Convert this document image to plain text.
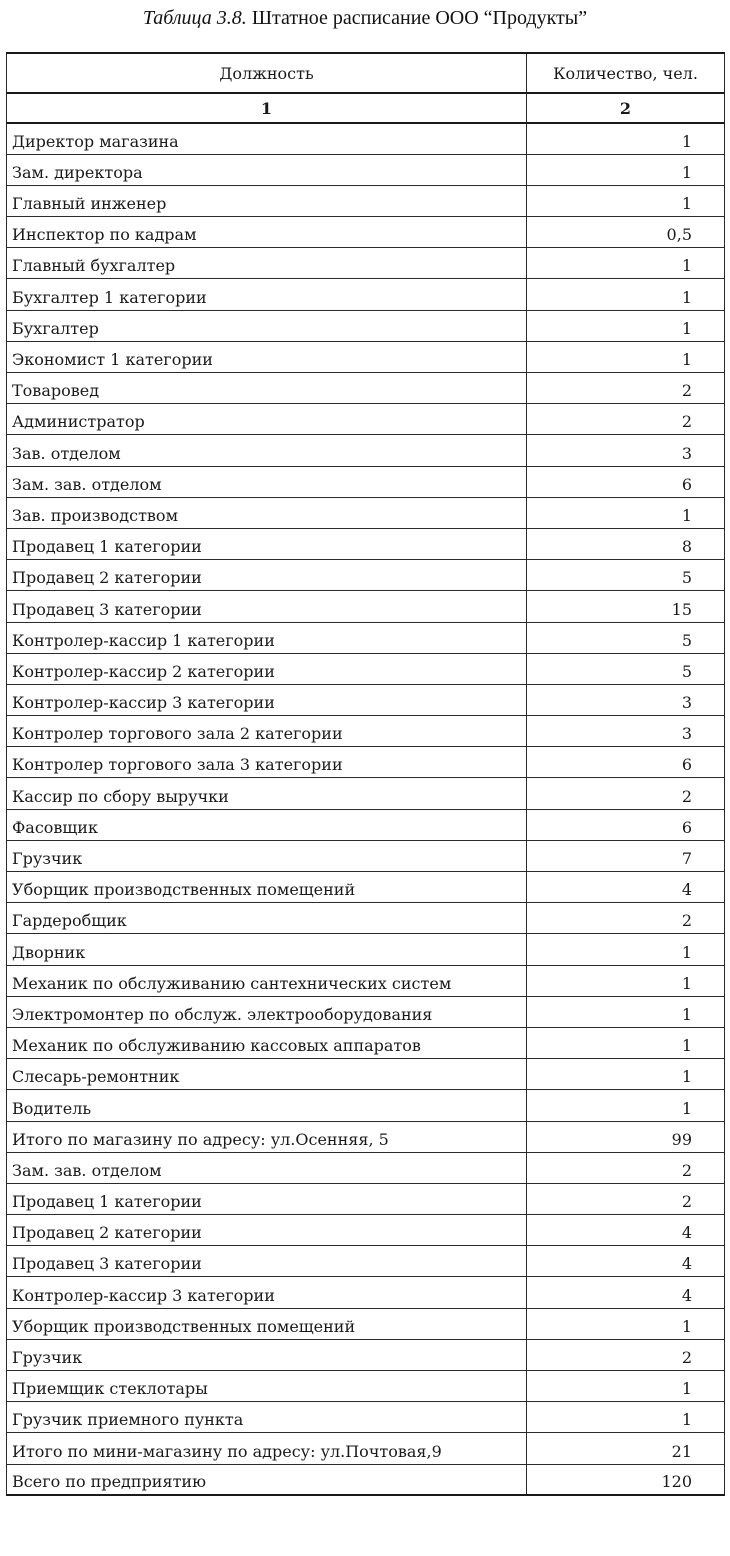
Таблица 3.8. Штатное расписание ООО “Продукты”
Должность	Количество, чел.
1	2
Директор магазина	1
Зам. директора	1
Главный инженер	1
Инспектор по кадрам	0,5
Главный бухгалтер	1
Бухгалтер 1 категории	1
Бухгалтер	1
Экономист 1 категории	1
Товаровед	2
Администратор	2
Зав. отделом	3
Зам. зав. отделом	6
Зав. производством	1
Продавец 1 категории	8
Продавец 2 категории	5
Продавец 3 категории	15
Контролер-кассир 1 категории	5
Контролер-кассир 2 категории	5
Контролер-кассир 3 категории	3
Контролер торгового зала 2 категории	3
Контролер торгового зала 3 категории	6
Кассир по сбору выручки	2
Фасовщик	6
Грузчик	7
Уборщик производственных помещений	4
Гардеробщик	2
Дворник	1
Механик по обслуживанию сантехнических систем	1
Электромонтер по обслуж. электрооборудования	1
Механик по обслуживанию кассовых аппаратов	1
Слесарь-ремонтник	1
Водитель	1
Итого по магазину по адресу: ул.Осенняя, 5	99
Зам. зав. отделом	2
Продавец 1 категории	2
Продавец 2 категории	4
Продавец 3 категории	4
Контролер-кассир 3 категории	4
Уборщик производственных помещений	1
Грузчик	2
Приемщик стеклотары	1
Грузчик приемного пункта	1
Итого по мини-магазину по адресу: ул.Почтовая,9	21
Всего по предприятию	120
